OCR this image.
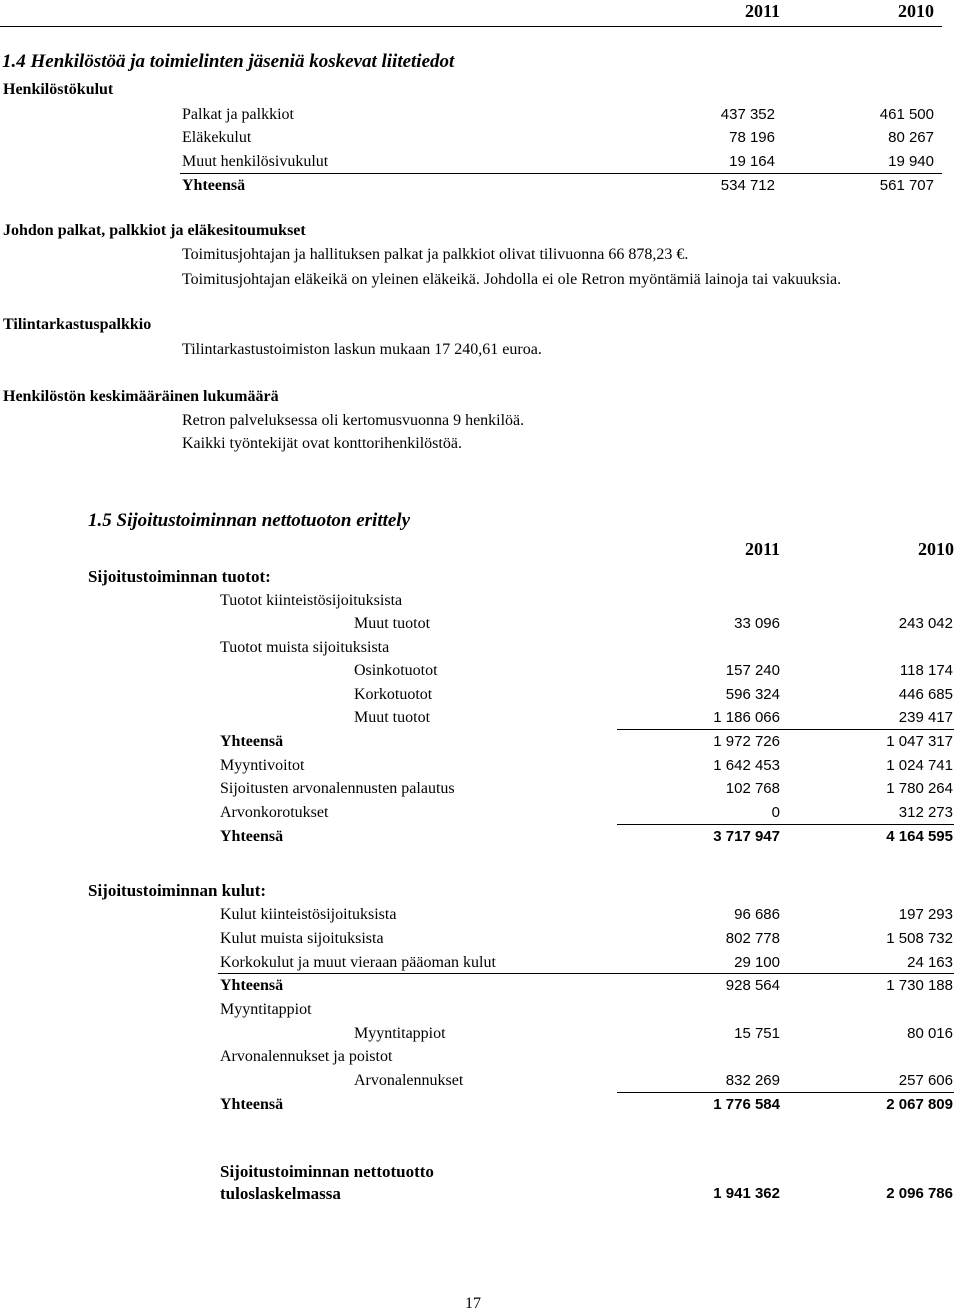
2011	2010
1.4 Henkilöstöä ja toimielinten jäseniä koskevat liitetiedot
Henkilöstökulut
Palkat ja palkkiot	437 352	461 500
Eläkekulut	78 196	80 267
Muut henkilösivukulut	19 164	19 940
Yhteensä	534 712	561 707
Johdon palkat, palkkiot ja eläkesitoumukset
Toimitusjohtajan ja hallituksen palkat ja palkkiot olivat tilivuonna 66 878,23 €.
Toimitusjohtajan eläkeikä on yleinen eläkeikä. Johdolla ei ole Retron myöntämiä lainoja tai vakuuksia.
Tilintarkastuspalkkio
Tilintarkastustoimiston laskun mukaan 17 240,61 euroa.
Henkilöstön keskimääräinen lukumäärä
Retron palveluksessa oli kertomusvuonna 9 henkilöä.
Kaikki työntekijät ovat konttorihenkilöstöä.
1.5 Sijoitustoiminnan nettotuoton erittely
2011	2010
Sijoitustoiminnan tuotot:
Tuotot kiinteistösijoituksista
Muut tuotot	33 096	243 042
Tuotot muista sijoituksista
Osinkotuotot	157 240	118 174
Korkotuotot	596 324	446 685
Muut tuotot	1 186 066	239 417
Yhteensä	1 972 726	1 047 317
Myyntivoitot	1 642 453	1 024 741
Sijoitusten arvonalennusten palautus	102 768	1 780 264
Arvonkorotukset	0	312 273
Yhteensä	3 717 947	4 164 595
Sijoitustoiminnan kulut:
Kulut kiinteistösijoituksista	96 686	197 293
Kulut muista sijoituksista	802 778	1 508 732
Korkokulut ja muut vieraan pääoman kulut	29 100	24 163
Yhteensä	928 564	1 730 188
Myyntitappiot
Myyntitappiot	15 751	80 016
Arvonalennukset ja poistot
Arvonalennukset	832 269	257 606
Yhteensä	1 776 584	2 067 809
Sijoitustoiminnan nettotuotto
tuloslaskelmassa	1 941 362	2 096 786
17
